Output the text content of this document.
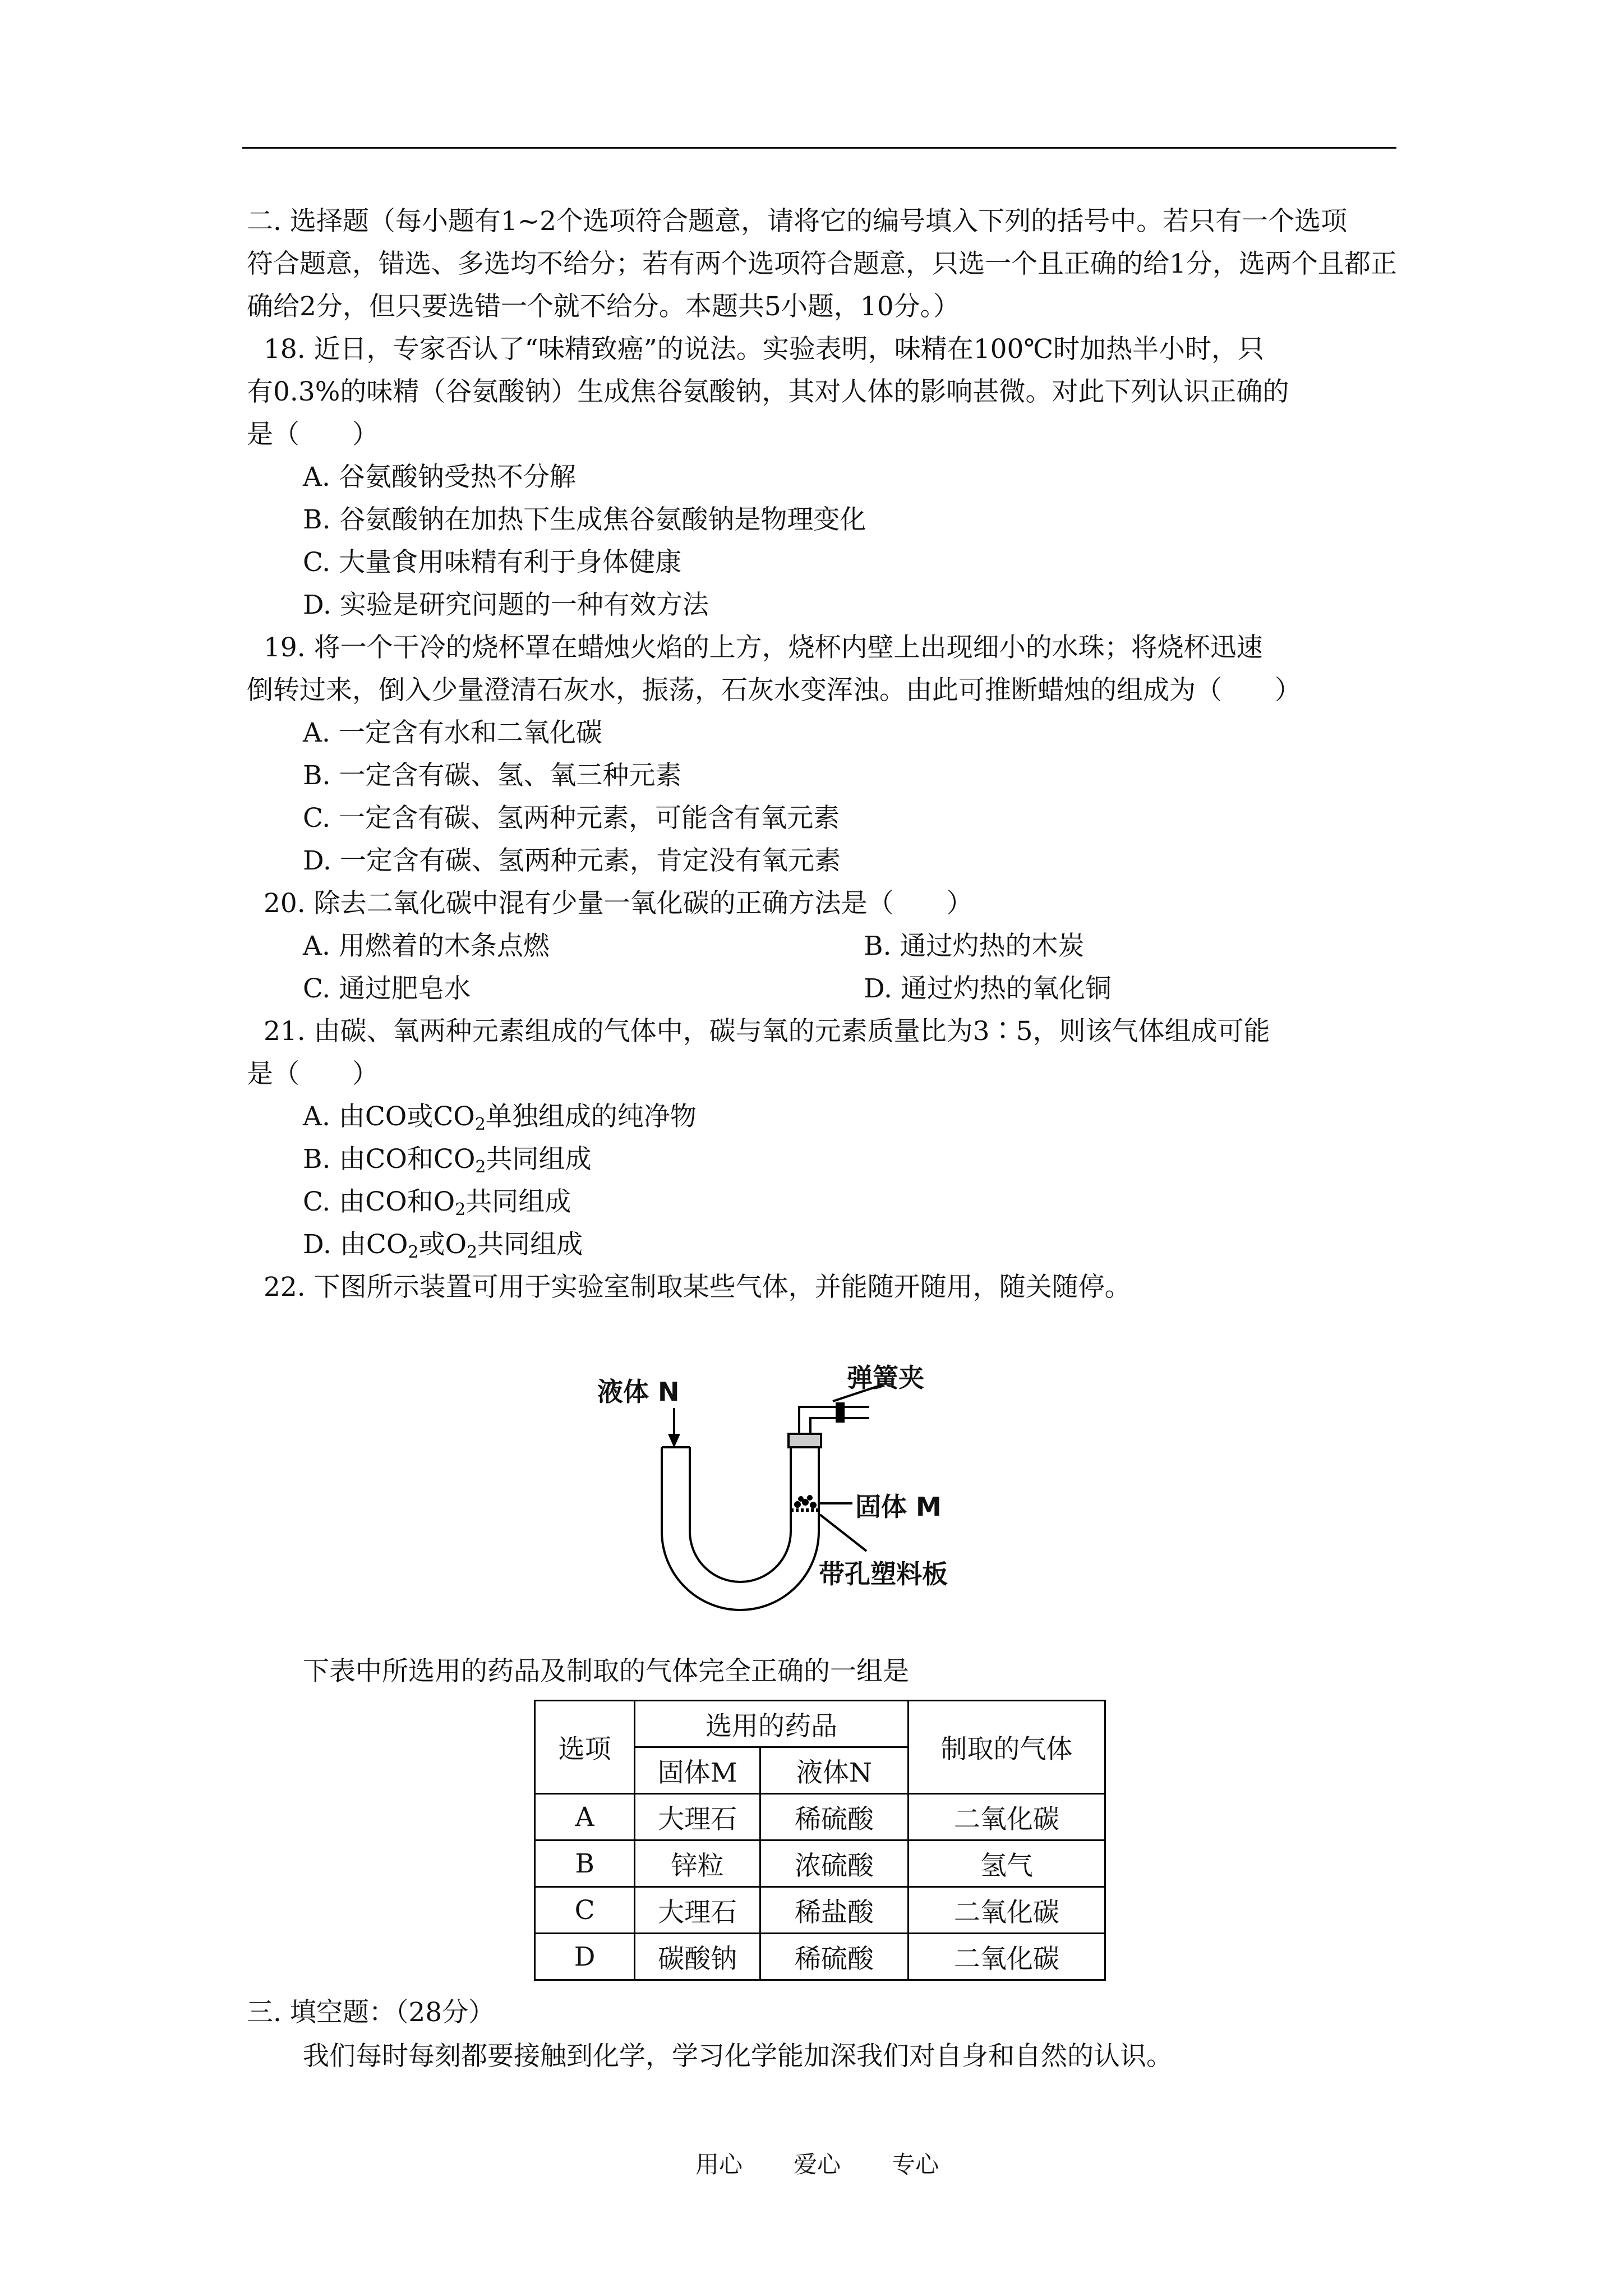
二. 选择题（每小题有1~2个选项符合题意，请将它的编号填入下列的括号中。若只有一个选项
符合题意，错选、多选均不给分；若有两个选项符合题意，只选一个且正确的给1分，选两个且都正
确给2分，但只要选错一个就不给分。本题共5小题，10分。）
18. 近日，专家否认了“味精致癌”的说法。实验表明，味精在100℃时加热半小时，只
有0.3%的味精（谷氨酸钠）生成焦谷氨酸钠，其对人体的影响甚微。对此下列认识正确的
是（　　）
A. 谷氨酸钠受热不分解
B. 谷氨酸钠在加热下生成焦谷氨酸钠是物理变化
C. 大量食用味精有利于身体健康
D. 实验是研究问题的一种有效方法
19. 将一个干冷的烧杯罩在蜡烛火焰的上方，烧杯内壁上出现细小的水珠；将烧杯迅速
倒转过来，倒入少量澄清石灰水，振荡，石灰水变浑浊。由此可推断蜡烛的组成为（　　）
A. 一定含有水和二氧化碳
B. 一定含有碳、氢、氧三种元素
C. 一定含有碳、氢两种元素，可能含有氧元素
D. 一定含有碳、氢两种元素，肯定没有氧元素
20. 除去二氧化碳中混有少量一氧化碳的正确方法是（　　）
A. 用燃着的木条点燃	B. 通过灼热的木炭
C. 通过肥皂水	D. 通过灼热的氧化铜
21. 由碳、氧两种元素组成的气体中，碳与氧的元素质量比为3∶5，则该气体组成可能
是（　　）
A. 由CO或$CO_2$单独组成的纯净物
B. 由CO和$CO_2$共同组成
C. 由CO和$O_2$共同组成
D. 由$CO_2$或$O_2$共同组成
22. 下图所示装置可用于实验室制取某些气体，并能随开随用，随关随停。
液体 N	弹簧夹
固体 M
带孔塑料板
下表中所选用的药品及制取的气体完全正确的一组是
选项	选用的药品		制取的气体
	固体M	液体N	
A	大理石	稀硫酸	二氧化碳
B	锌粒	浓硫酸	氢气
C	大理石	稀盐酸	二氧化碳
D	碳酸钠	稀硫酸	二氧化碳
三. 填空题：（28分）
我们每时每刻都要接触到化学，学习化学能加深我们对自身和自然的认识。
用心 爱心 专心
